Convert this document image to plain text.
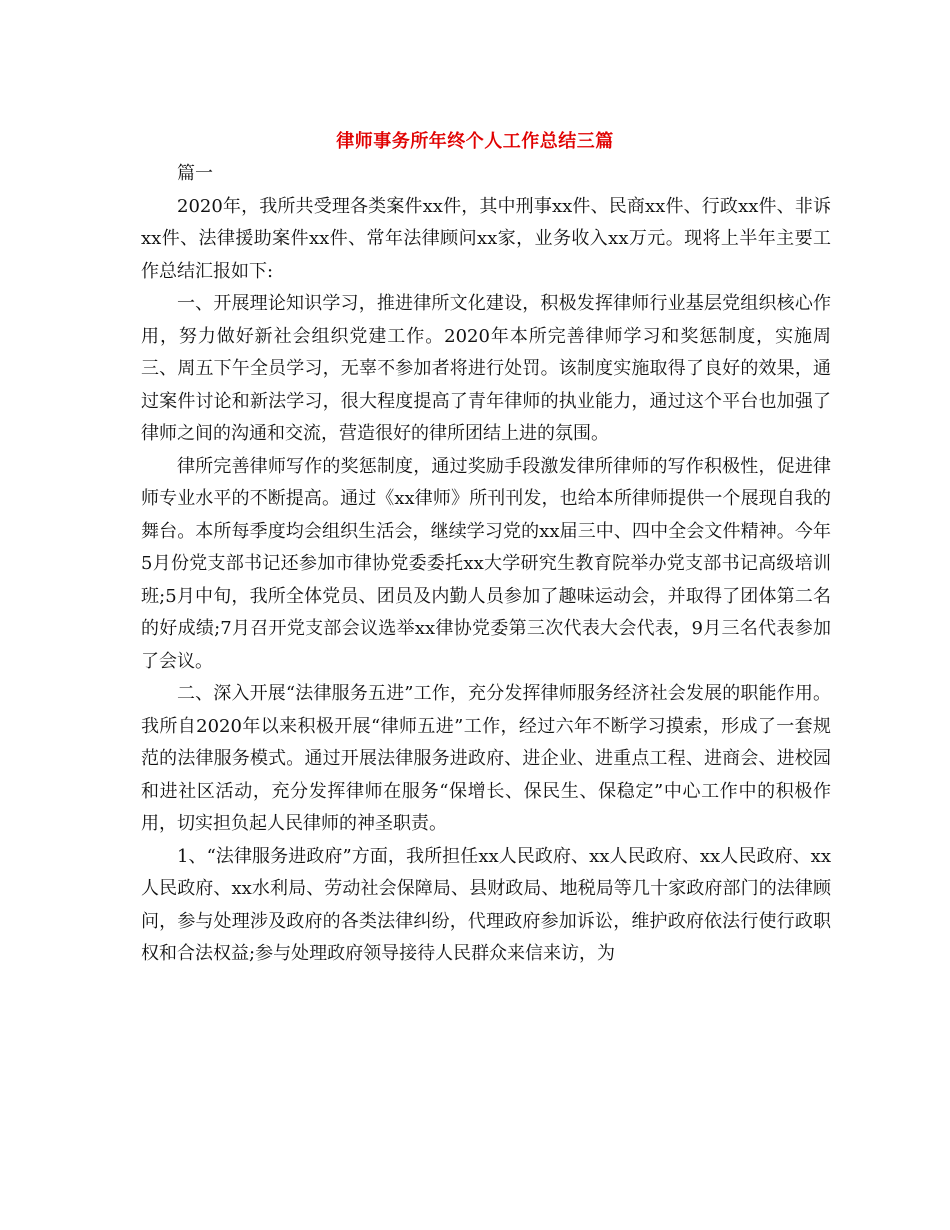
律师事务所年终个人工作总结三篇

篇一

2020年，我所共受理各类案件xx件，其中刑事xx件、民商xx件、行政xx件、非诉xx件、法律援助案件xx件、常年法律顾问xx家，业务收入xx万元。现将上半年主要工作总结汇报如下:

一、开展理论知识学习，推进律所文化建设，积极发挥律师行业基层党组织核心作用，努力做好新社会组织党建工作。2020年本所完善律师学习和奖惩制度，实施周三、周五下午全员学习，无辜不参加者将进行处罚。该制度实施取得了良好的效果，通过案件讨论和新法学习，很大程度提高了青年律师的执业能力，通过这个平台也加强了律师之间的沟通和交流，营造很好的律所团结上进的氛围。

律所完善律师写作的奖惩制度，通过奖励手段激发律所律师的写作积极性，促进律师专业水平的不断提高。通过《xx律师》所刊刊发，也给本所律师提供一个展现自我的舞台。本所每季度均会组织生活会，继续学习党的xx届三中、四中全会文件精神。今年5月份党支部书记还参加市律协党委委托xx大学研究生教育院举办党支部书记高级培训班;5月中旬，我所全体党员、团员及内勤人员参加了趣味运动会，并取得了团体第二名的好成绩;7月召开党支部会议选举xx律协党委第三次代表大会代表，9月三名代表参加了会议。

二、深入开展“法律服务五进”工作，充分发挥律师服务经济社会发展的职能作用。我所自2020年以来积极开展“律师五进”工作，经过六年不断学习摸索，形成了一套规范的法律服务模式。通过开展法律服务进政府、进企业、进重点工程、进商会、进校园和进社区活动，充分发挥律师在服务“保增长、保民生、保稳定”中心工作中的积极作用，切实担负起人民律师的神圣职责。

1、“法律服务进政府”方面，我所担任xx人民政府、xx人民政府、xx人民政府、xx人民政府、xx水利局、劳动社会保障局、县财政局、地税局等几十家政府部门的法律顾问，参与处理涉及政府的各类法律纠纷，代理政府参加诉讼，维护政府依法行使行政职权和合法权益;参与处理政府领导接待人民群众来信来访，为
